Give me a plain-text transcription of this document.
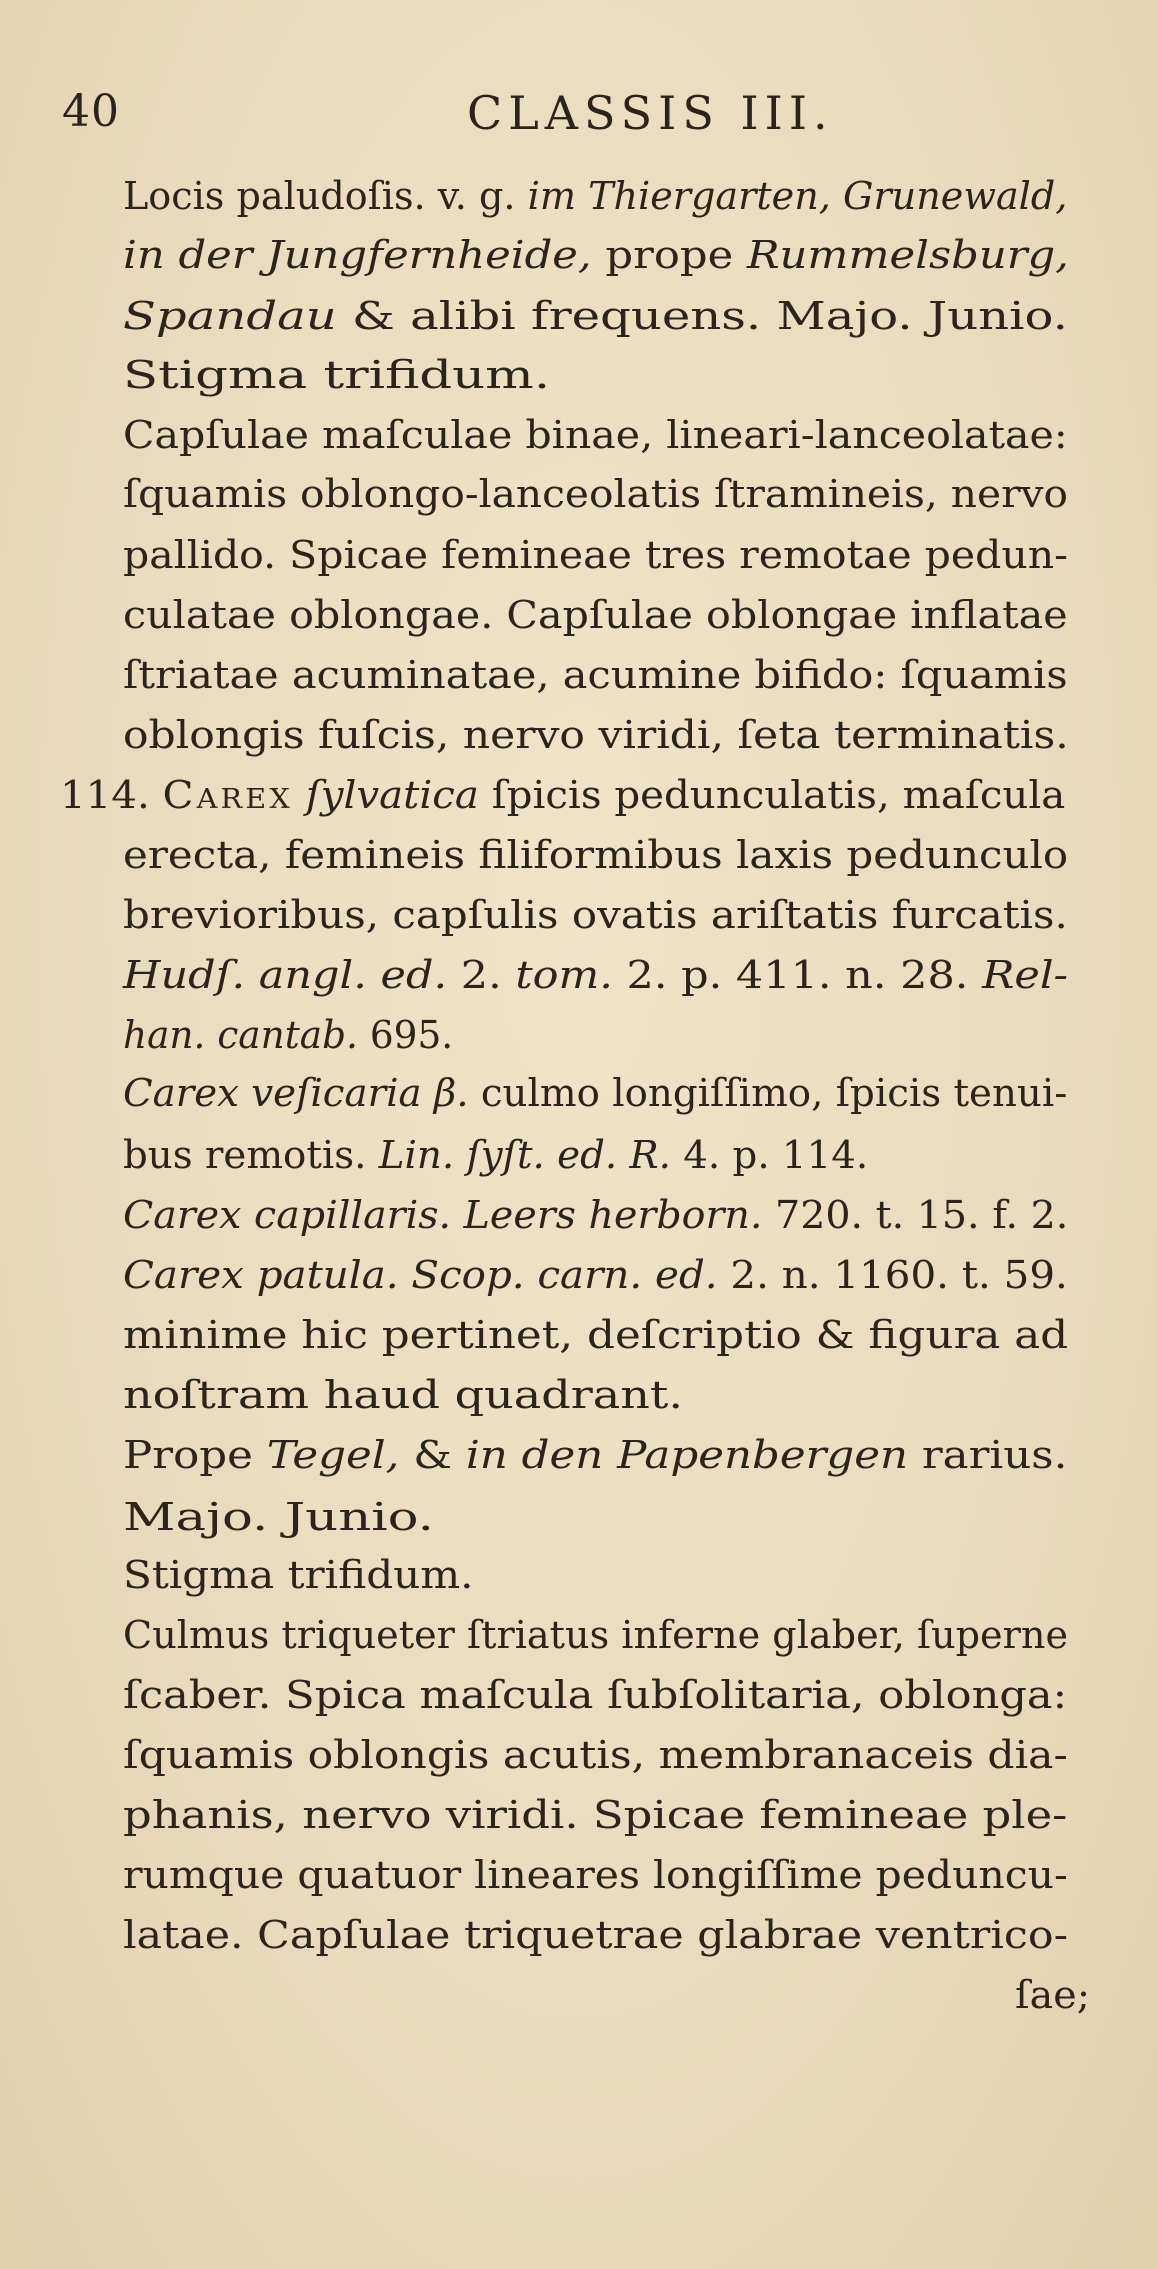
40	CLASSIS III.
Locis paludoſis. v. g. im Thiergarten, Grunewald,
in der Jungfernheide, prope Rummelsburg,
Spandau & alibi frequens. Majo. Junio.
Stigma trifidum.
Capſulae maſculae binae, lineari-lanceolatae:
ſquamis oblongo-lanceolatis ſtramineis, nervo
pallido. Spicae femineae tres remotae pedun-
culatae oblongae. Capſulae oblongae inflatae
ſtriatae acuminatae, acumine bifido: ſquamis
oblongis fuſcis, nervo viridi, ſeta terminatis.
114. Carex ſylvatica ſpicis pedunculatis, maſcula
erecta, femineis filiformibus laxis pedunculo
brevioribus, capſulis ovatis ariſtatis furcatis.
Hudſ. angl. ed. 2. tom. 2. p. 411. n. 28. Rel-
han. cantab. 695.
Carex veſicaria β. culmo longiſſimo, ſpicis tenui-
bus remotis. Lin. ſyſt. ed. R. 4. p. 114.
Carex capillaris. Leers herborn. 720. t. 15. f. 2.
Carex patula. Scop. carn. ed. 2. n. 1160. t. 59.
minime hic pertinet, deſcriptio & figura ad
noſtram haud quadrant.
Prope Tegel, & in den Papenbergen rarius.
Majo. Junio.
Stigma trifidum.
Culmus triqueter ſtriatus inferne glaber, ſuperne
ſcaber. Spica maſcula ſubſolitaria, oblonga:
ſquamis oblongis acutis, membranaceis dia-
phanis, nervo viridi. Spicae femineae ple-
rumque quatuor lineares longiſſime peduncu-
latae. Capſulae triquetrae glabrae ventrico-
ſae;
